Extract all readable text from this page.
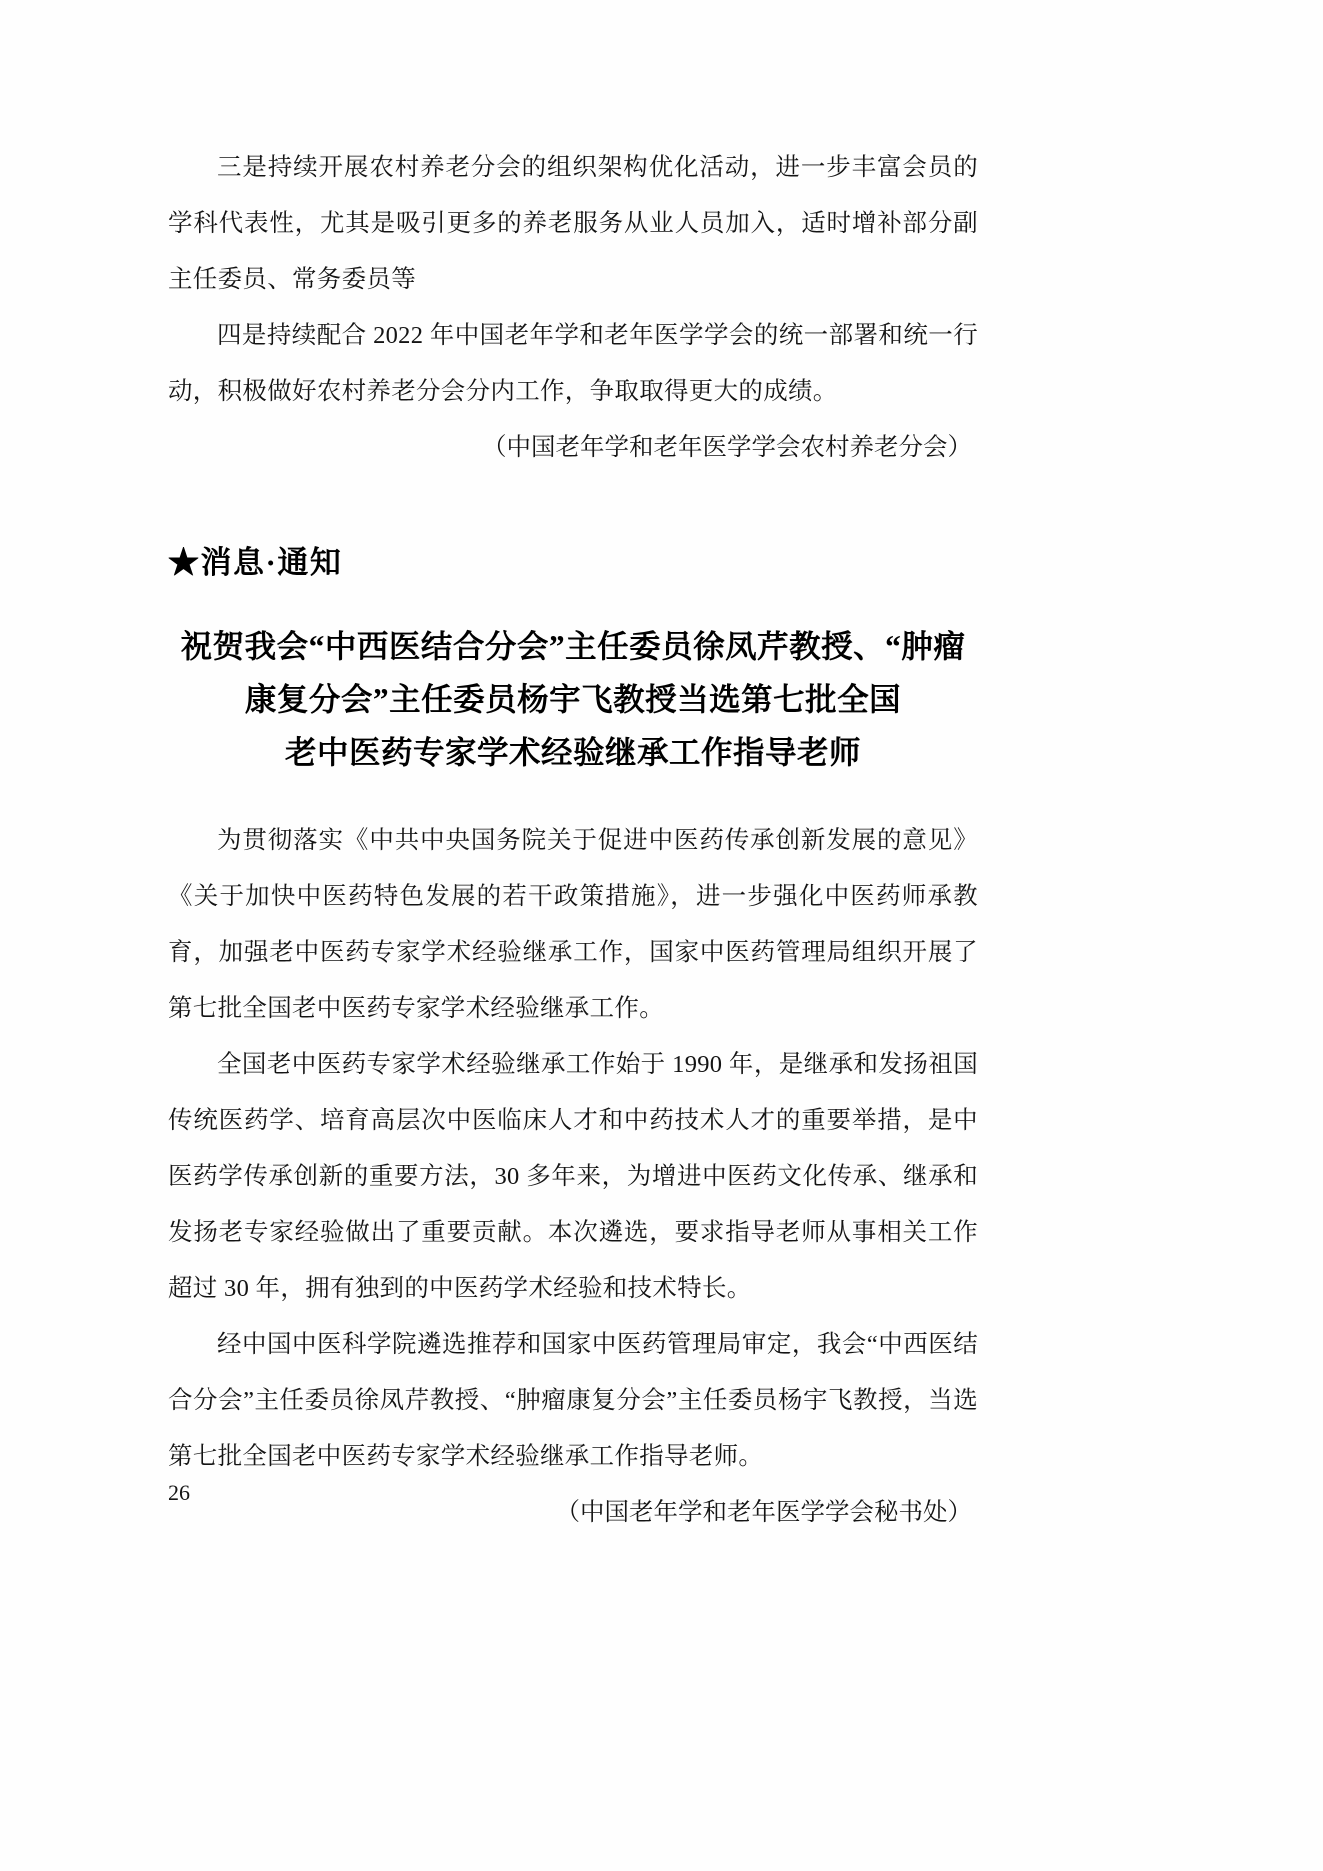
三是持续开展农村养老分会的组织架构优化活动，进一步丰富会员的学科代表性，尤其是吸引更多的养老服务从业人员加入，适时增补部分副主任委员、常务委员等

四是持续配合 2022 年中国老年学和老年医学学会的统一部署和统一行动，积极做好农村养老分会分内工作，争取取得更大的成绩。

（中国老年学和老年医学学会农村养老分会）

★消息·通知
祝贺我会“中西医结合分会”主任委员徐凤芹教授、“肿瘤
康复分会”主任委员杨宇飞教授当选第七批全国
老中医药专家学术经验继承工作指导老师

为贯彻落实《中共中央国务院关于促进中医药传承创新发展的意见》《关于加快中医药特色发展的若干政策措施》，进一步强化中医药师承教育，加强老中医药专家学术经验继承工作，国家中医药管理局组织开展了第七批全国老中医药专家学术经验继承工作。

全国老中医药专家学术经验继承工作始于 1990 年，是继承和发扬祖国传统医药学、培育高层次中医临床人才和中药技术人才的重要举措，是中医药学传承创新的重要方法，30 多年来，为增进中医药文化传承、继承和发扬老专家经验做出了重要贡献。本次遴选，要求指导老师从事相关工作超过 30 年，拥有独到的中医药学术经验和技术特长。

经中国中医科学院遴选推荐和国家中医药管理局审定，我会“中西医结合分会”主任委员徐凤芹教授、“肿瘤康复分会”主任委员杨宇飞教授，当选第七批全国老中医药专家学术经验继承工作指导老师。

（中国老年学和老年医学学会秘书处）

26
